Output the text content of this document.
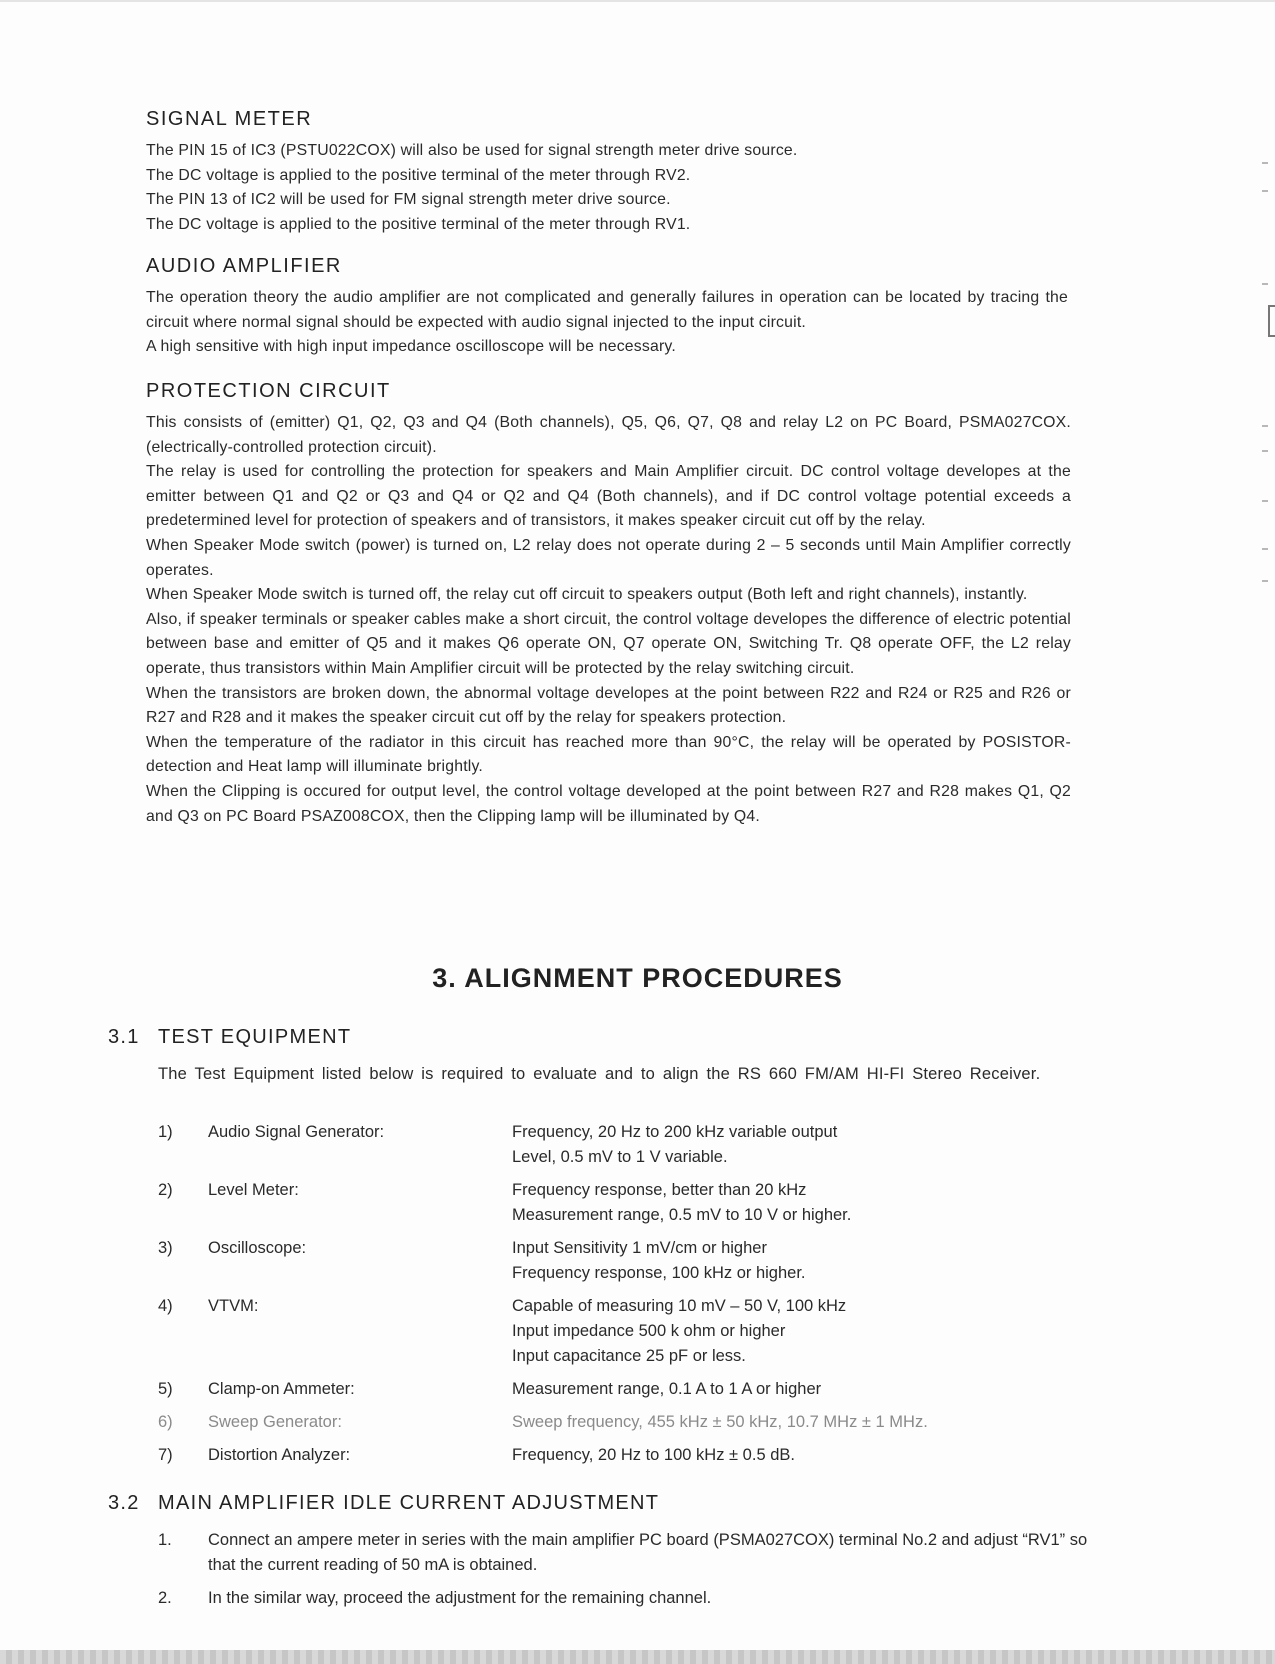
SIGNAL METER

The PIN 15 of IC3 (PSTU022COX) will also be used for signal strength meter drive source.

The DC voltage is applied to the positive terminal of the meter through RV2.

The PIN 13 of IC2 will be used for FM signal strength meter drive source.

The DC voltage is applied to the positive terminal of the meter through RV1.

AUDIO AMPLIFIER

The operation theory the audio amplifier are not complicated and generally failures in operation can be located by tracing the circuit where normal signal should be expected with audio signal injected to the input circuit.

A high sensitive with high input impedance oscilloscope will be necessary.

PROTECTION CIRCUIT

This consists of (emitter) Q1, Q2, Q3 and Q4 (Both channels), Q5, Q6, Q7, Q8 and relay L2 on PC Board, PSMA027COX. (electrically-controlled protection circuit).

The relay is used for controlling the protection for speakers and Main Amplifier circuit. DC control voltage developes at the emitter between Q1 and Q2 or Q3 and Q4 or Q2 and Q4 (Both channels), and if DC control voltage potential exceeds a predetermined level for protection of speakers and of transistors, it makes speaker circuit cut off by the relay.

When Speaker Mode switch (power) is turned on, L2 relay does not operate during 2 – 5 seconds until Main Amplifier correctly operates.

When Speaker Mode switch is turned off, the relay cut off circuit to speakers output (Both left and right channels), instantly.

Also, if speaker terminals or speaker cables make a short circuit, the control voltage developes the difference of electric potential between base and emitter of Q5 and it makes Q6 operate ON, Q7 operate ON, Switching Tr. Q8 operate OFF, the L2 relay operate, thus transistors within Main Amplifier circuit will be protected by the relay switching circuit.

When the transistors are broken down, the abnormal voltage developes at the point between R22 and R24 or R25 and R26 or R27 and R28 and it makes the speaker circuit cut off by the relay for speakers protection.

When the temperature of the radiator in this circuit has reached more than 90°C, the relay will be operated by POSISTOR-detection and Heat lamp will illuminate brightly.

When the Clipping is occured for output level, the control voltage developed at the point between R27 and R28 makes Q1, Q2 and Q3 on PC Board PSAZ008COX, then the Clipping lamp will be illuminated by Q4.

3. ALIGNMENT PROCEDURES
3.1 TEST EQUIPMENT

The Test Equipment listed below is required to evaluate and to align the RS 660 FM/AM HI-FI Stereo Receiver.

1)	Audio Signal Generator:	Frequency, 20 Hz to 200 kHz variable output
Level, 0.5 mV to 1 V variable.
2)	Level Meter:	Frequency response, better than 20 kHz
Measurement range, 0.5 mV to 10 V or higher.
3)	Oscilloscope:	Input Sensitivity 1 mV/cm or higher
Frequency response, 100 kHz or higher.
4)	VTVM:	Capable of measuring 10 mV – 50 V, 100 kHz
Input impedance 500 k ohm or higher
Input capacitance 25 pF or less.
5)	Clamp-on Ammeter:	Measurement range, 0.1 A to 1 A or higher
6)	Sweep Generator:	Sweep frequency, 455 kHz ± 50 kHz, 10.7 MHz ± 1 MHz.
7)	Distortion Analyzer:	Frequency, 20 Hz to 100 kHz ± 0.5 dB.
3.2 MAIN AMPLIFIER IDLE CURRENT ADJUSTMENT
1.	Connect an ampere meter in series with the main amplifier PC board (PSMA027COX) terminal No.2 and adjust “RV1” so that the current reading of 50 mA is obtained.
2.	In the similar way, proceed the adjustment for the remaining channel.
